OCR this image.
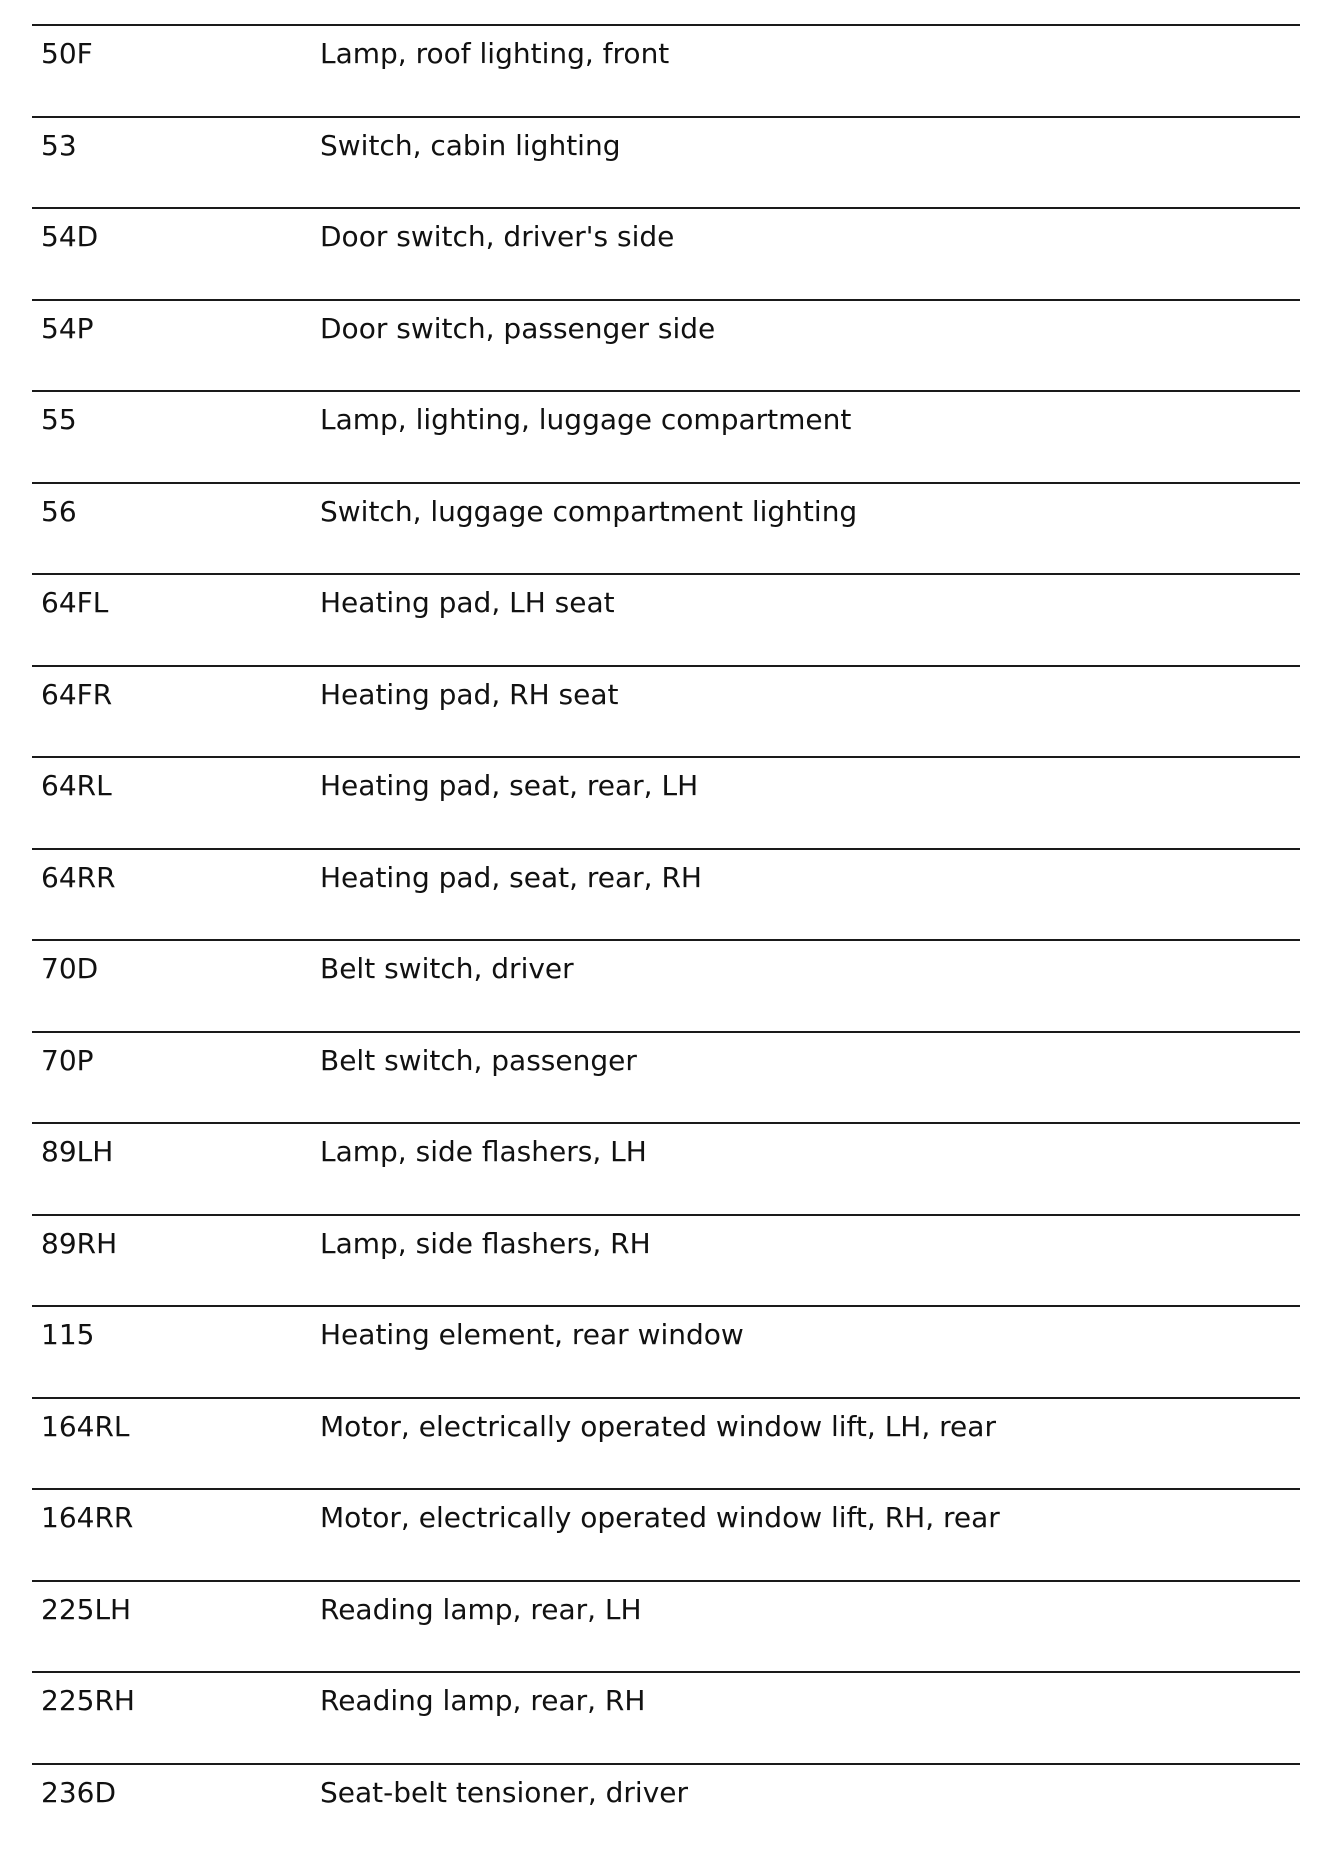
50F	Lamp, roof lighting, front
53	Switch, cabin lighting
54D	Door switch, driver's side
54P	Door switch, passenger side
55	Lamp, lighting, luggage compartment
56	Switch, luggage compartment lighting
64FL	Heating pad, LH seat
64FR	Heating pad, RH seat
64RL	Heating pad, seat, rear, LH
64RR	Heating pad, seat, rear, RH
70D	Belt switch, driver
70P	Belt switch, passenger
89LH	Lamp, side flashers, LH
89RH	Lamp, side flashers, RH
115	Heating element, rear window
164RL	Motor, electrically operated window lift, LH, rear
164RR	Motor, electrically operated window lift, RH, rear
225LH	Reading lamp, rear, LH
225RH	Reading lamp, rear, RH
236D	Seat-belt tensioner, driver
